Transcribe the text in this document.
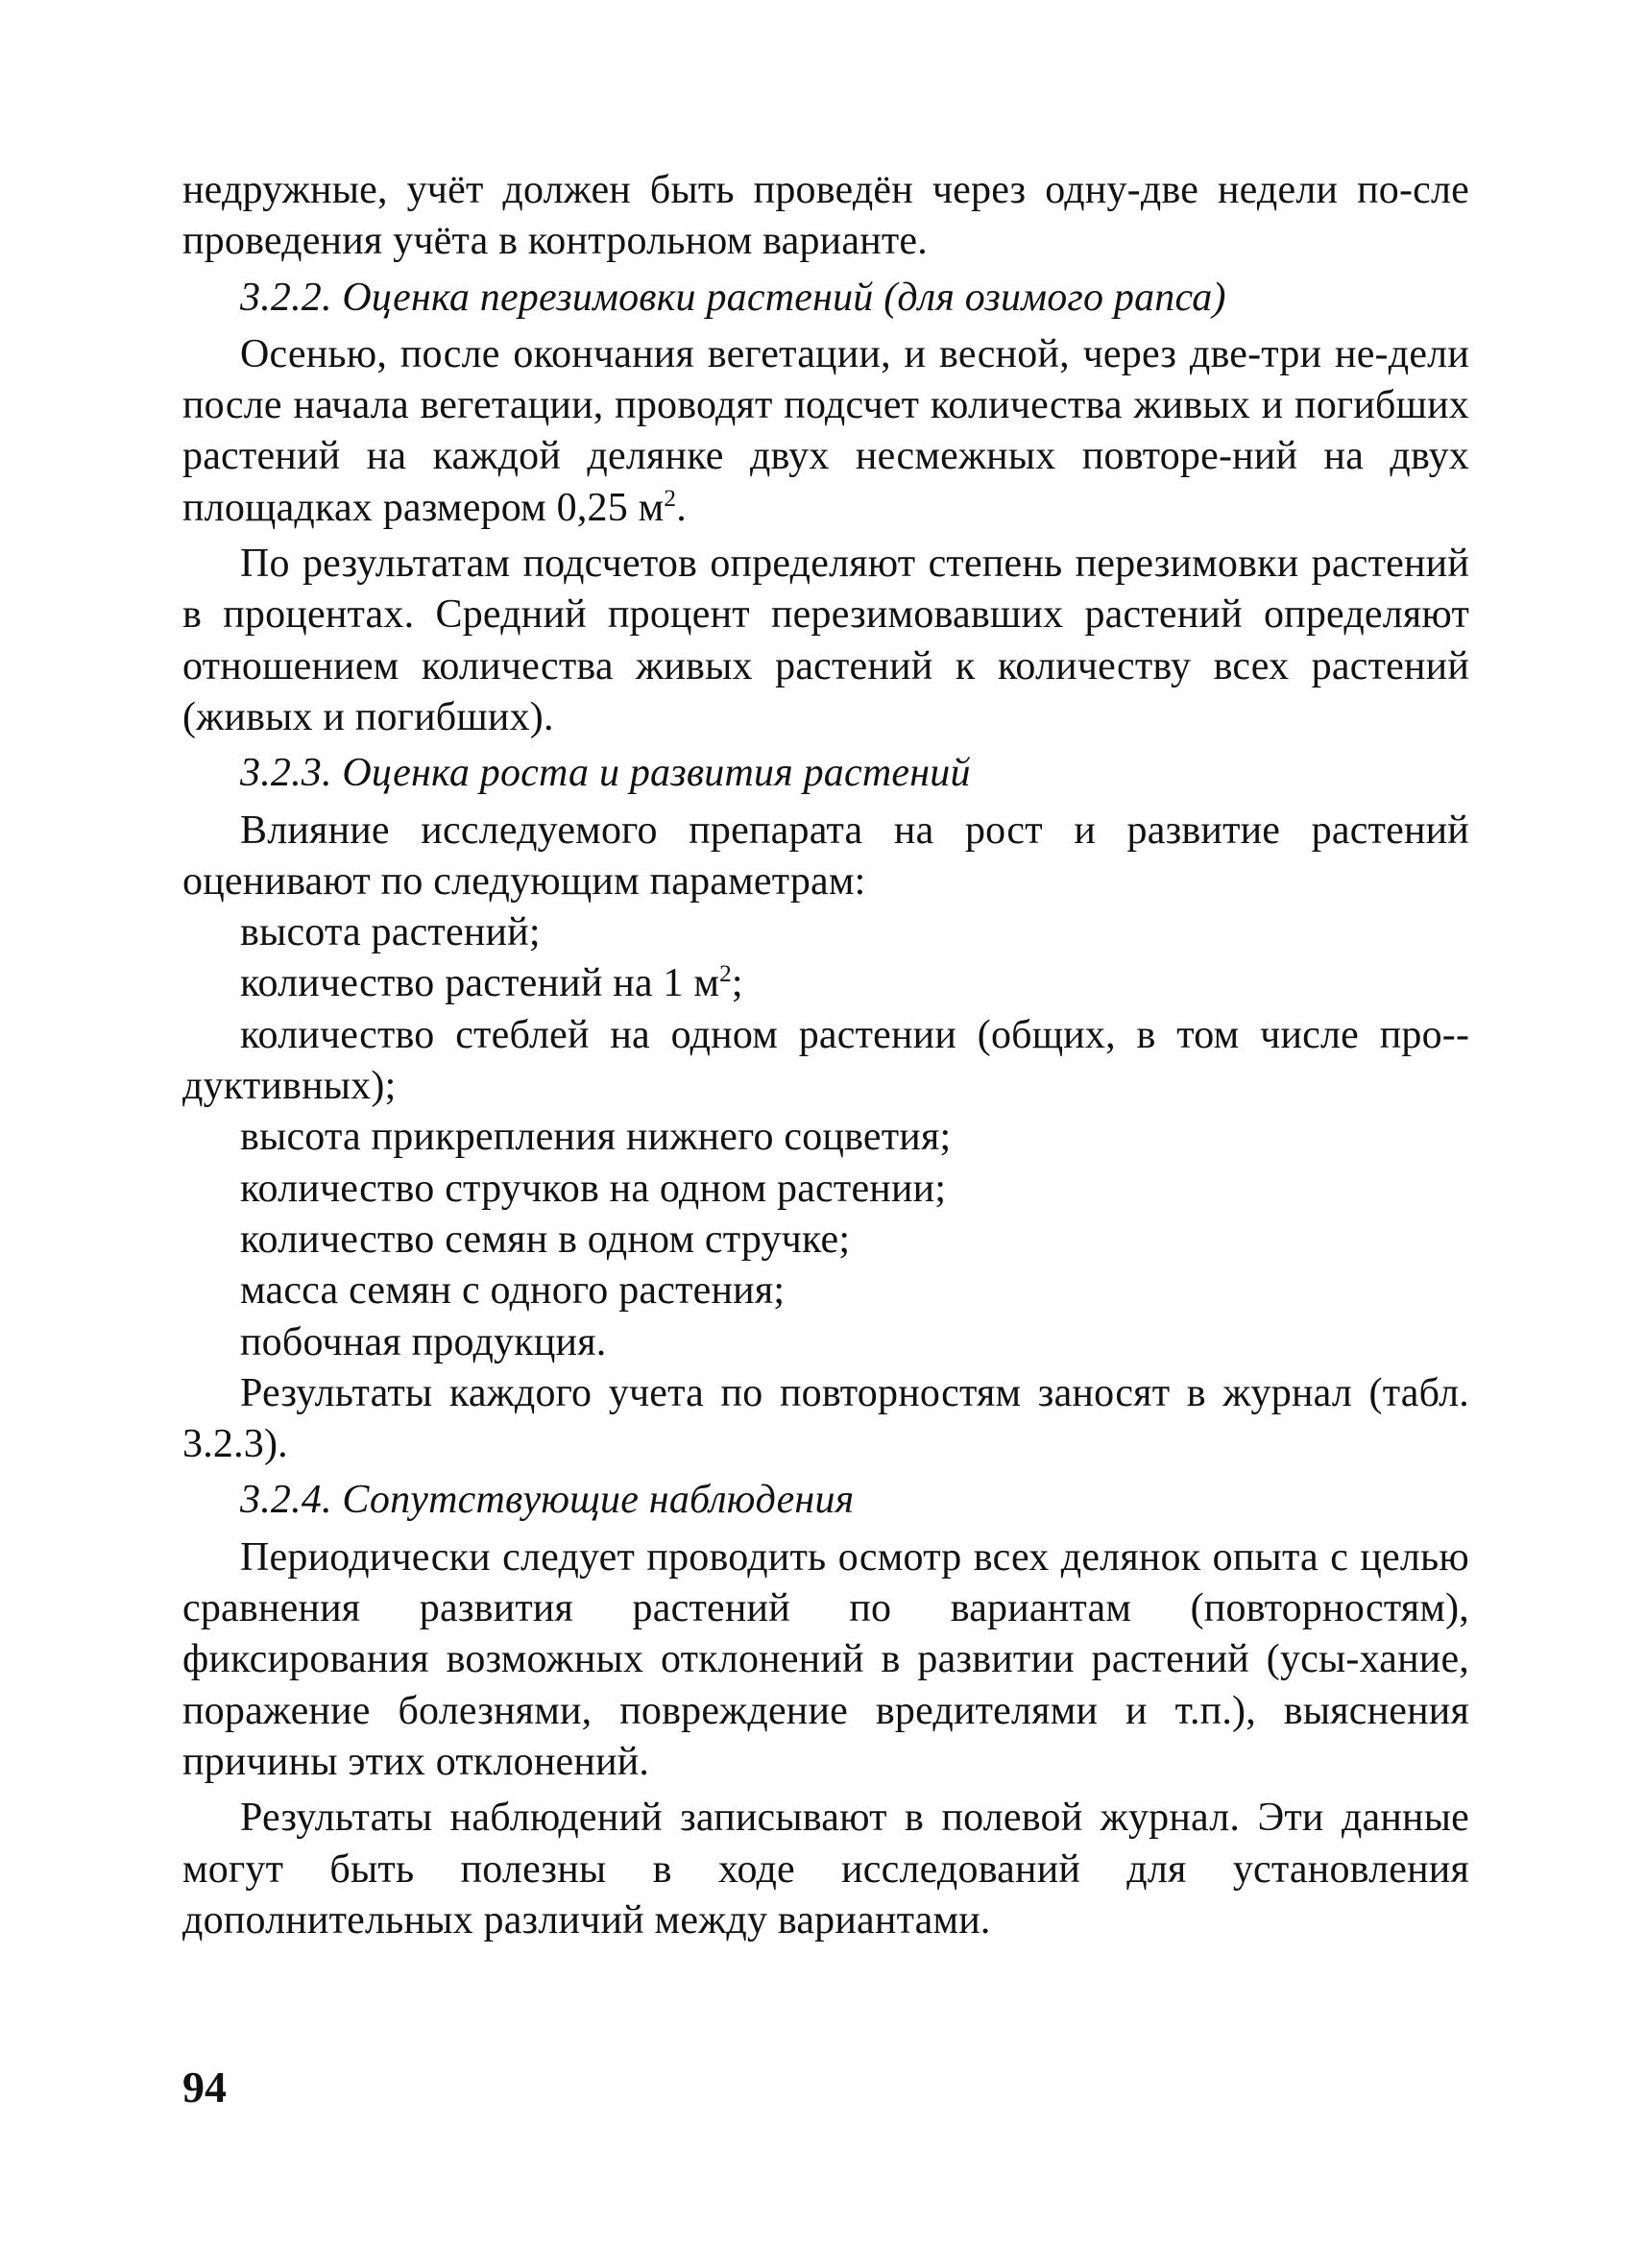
недружные, учёт должен быть проведён через одну-две недели по-сле проведения учёта в контрольном варианте.

3.2.2. Оценка перезимовки растений (для озимого рапса)

Осенью, после окончания вегетации, и весной, через две-три не-дели после начала вегетации, проводят подсчет количества живых и погибших растений на каждой делянке двух несмежных повторе-ний на двух площадках размером 0,25 $м^2$.

По результатам подсчетов определяют степень перезимовки растений в процентах. Средний процент перезимовавших растений определяют отношением количества живых растений к количеству всех растений (живых и погибших).

3.2.3. Оценка роста и развития растений

Влияние исследуемого препарата на рост и развитие растений оценивают по следующим параметрам:

высота растений;
количество растений на 1 $м^2$;
количество стеблей на одном растении (общих, в том числе про-дуктивных);
высота прикрепления нижнего соцветия;
количество стручков на одном растении;
количество семян в одном стручке;
масса семян с одного растения;
побочная продукция.

Результаты каждого учета по повторностям заносят в журнал (табл. 3.2.3).

3.2.4. Сопутствующие наблюдения

Периодически следует проводить осмотр всех делянок опыта с целью сравнения развития растений по вариантам (повторностям), фиксирования возможных отклонений в развитии растений (усы-хание, поражение болезнями, повреждение вредителями и т.п.), выяснения причины этих отклонений.

Результаты наблюдений записывают в полевой журнал. Эти данные могут быть полезны в ходе исследований для установления дополнительных различий между вариантами.

94
